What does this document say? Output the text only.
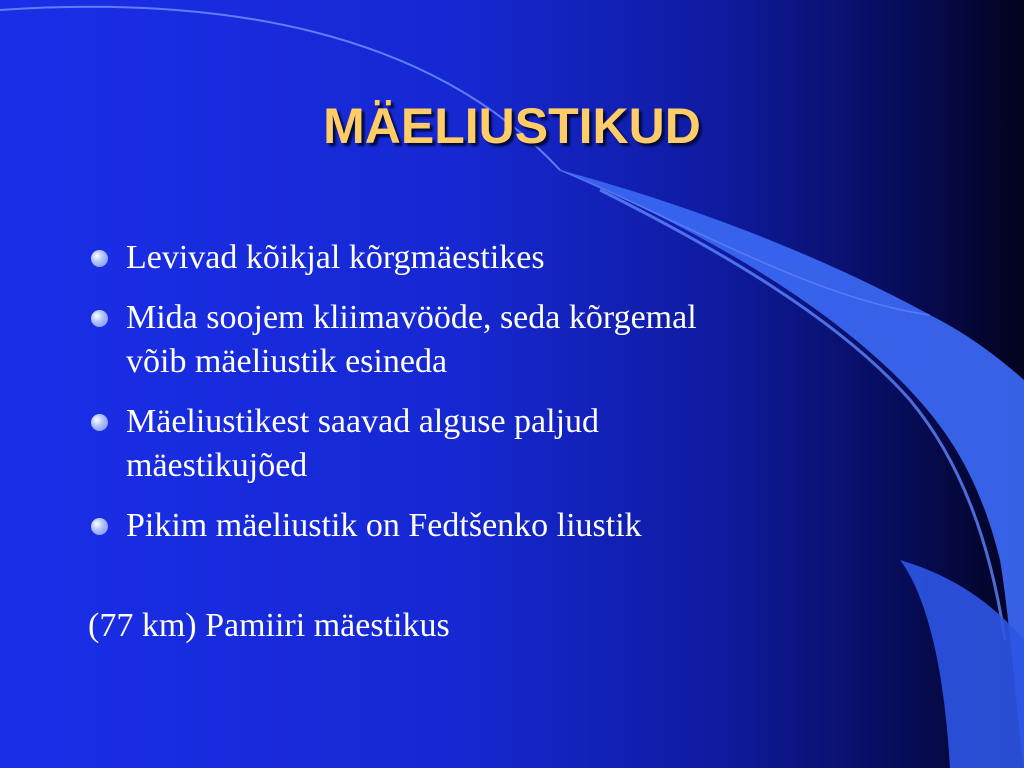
MÄELIUSTIKUD
Levivad kõikjal kõrgmäestikes
Mida soojem kliimavööde, seda kõrgemal
võib mäeliustik esineda
Mäeliustikest saavad alguse paljud
mäestikujõed
Pikim mäeliustik on Fedtšenko liustik
(77 km) Pamiiri mäestikus
